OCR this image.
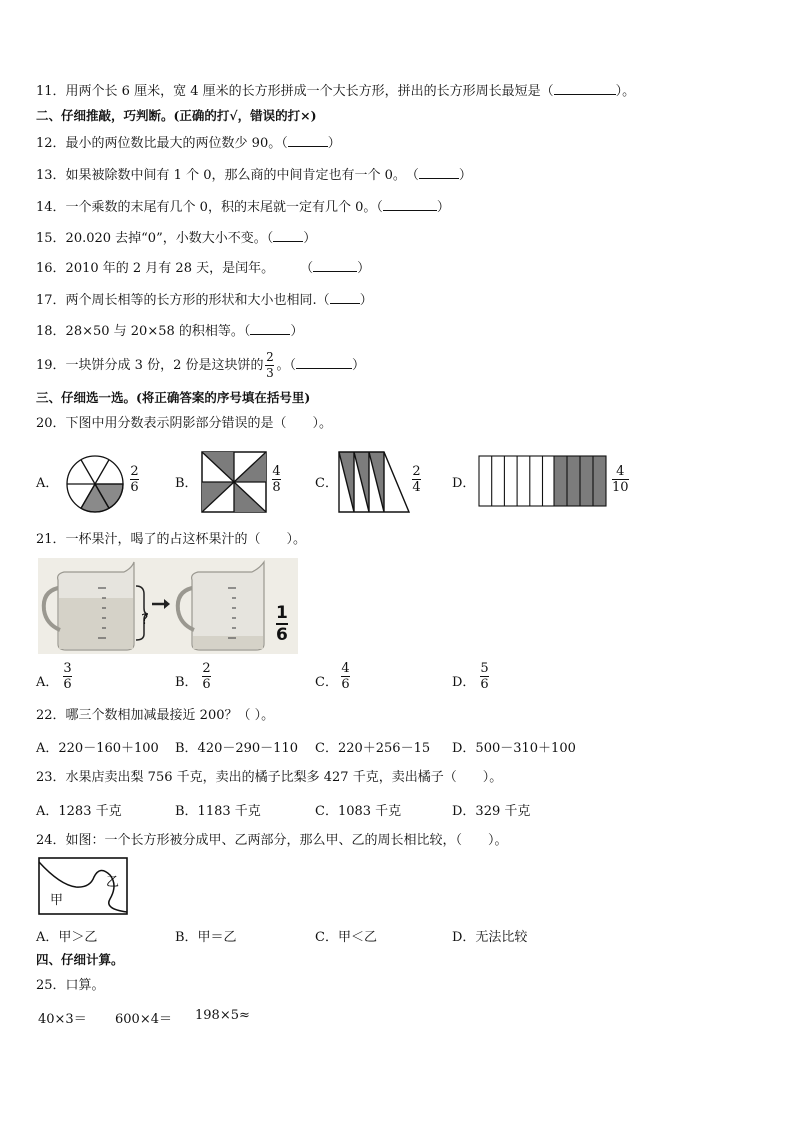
11．用两个长 6 厘米，宽 4 厘米的长方形拼成一个大长方形，拼出的长方形周长最短是（	）。
二、仔细推敲，巧判断。(正确的打√，错误的打×)
12．最小的两位数比最大的两位数少 90。（	）
13．如果被除数中间有 1 个 0，那么商的中间肯定也有一个 0。　（	）
14．一个乘数的末尾有几个 0，积的末尾就一定有几个 0。（	）
15．20.020 去掉“0”，小数大小不变。（ ）
16．2010 年的 2 月有 28 天，是闰年。　　　（	）
17．两个周长相等的长方形的形状和大小也相同.（ ）
18．28×50 与 20×58 的积相等。（	）
19．一块饼分成 3 份，2 份是这块饼的 $\frac{2}{3}$ 。（	）
三、仔细选一选。(将正确答案的序号填在括号里)
20．下图中用分数表示阴影部分错误的是（　　）。
A．
2
6	B．
4
8	C．
2
4 D．
4
10
21．一杯果汁，喝了的占这杯果汁的（　　）。
?	1
6
A．
3
6	B．
2
6	C．
4
6	D．
5
6
22．哪三个数相加减最接近 200？（ ）。
A．220－160＋100 B．420－290－110 C．220＋256－15 D．500－310＋100
23．水果店卖出梨 756 千克，卖出的橘子比梨多 427 千克，卖出橘子（　　）。
A．1283 千克	B．1183 千克	C．1083 千克	D．329 千克
24．如图：一个长方形被分成甲、乙两部分，那么甲、乙的周长相比较，（　　）。
甲
乙
A．甲＞乙	B．甲＝乙	C．甲＜乙	D．无法比较
四、仔细计算。
25．口算。
40×3＝ 600×4＝ 198×5≈
